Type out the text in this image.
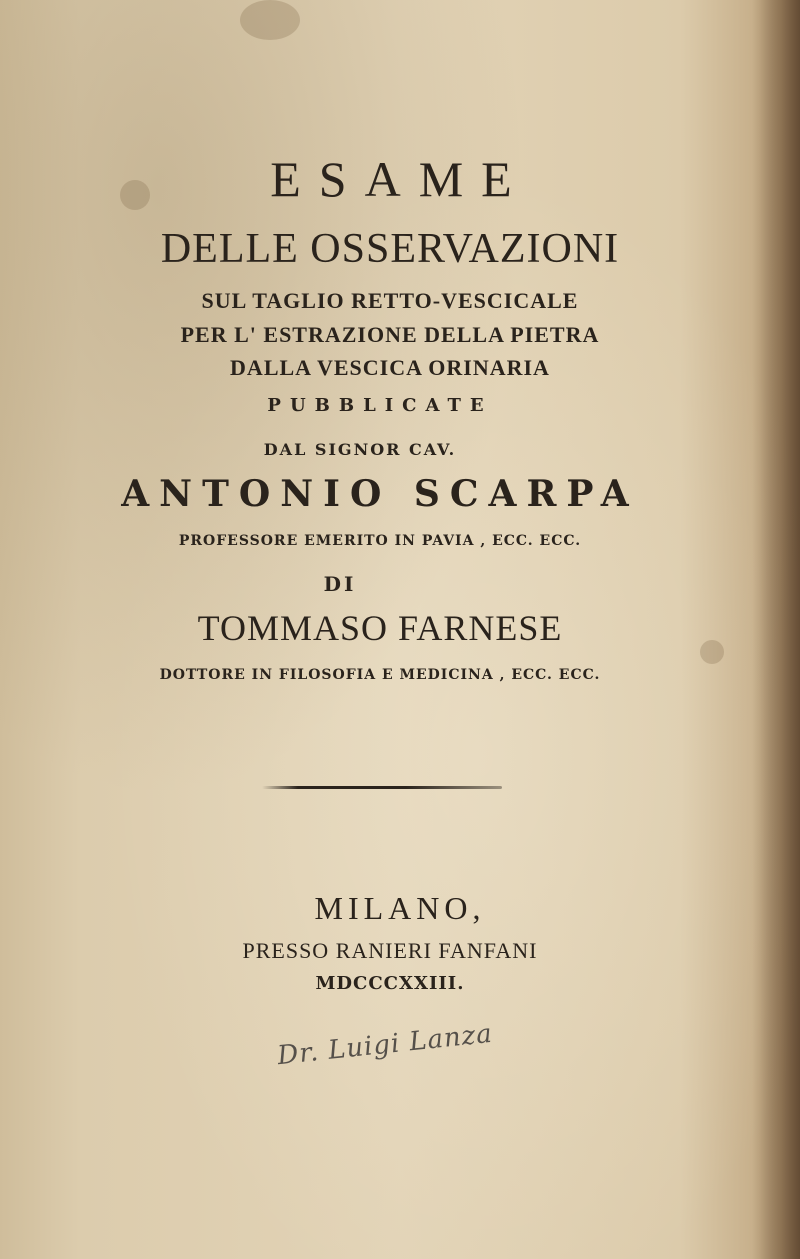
ESAME
DELLE OSSERVAZIONI
SUL TAGLIO RETTO-VESCICALE
PER L' ESTRAZIONE DELLA PIETRA
DALLA VESCICA ORINARIA
PUBBLICATE
DAL SIGNOR CAV.
ANTONIO SCARPA
PROFESSORE EMERITO IN PAVIA , ECC. ECC.
DI
TOMMASO FARNESE
DOTTORE IN FILOSOFIA E MEDICINA , ECC. ECC.
MILANO,
PRESSO RANIERI FANFANI
MDCCCXXIII.
Dr. Luigi Lanza
